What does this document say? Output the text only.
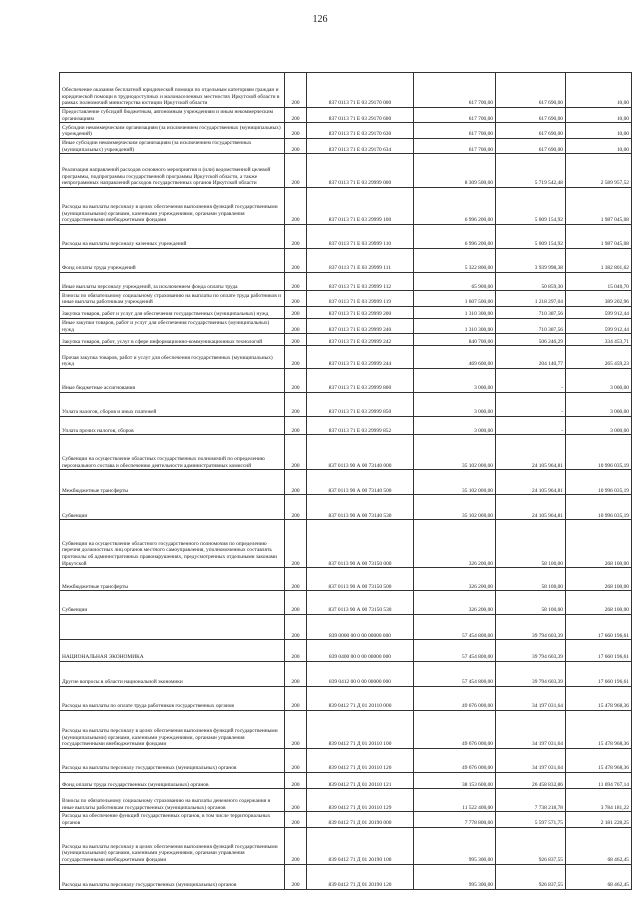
126
Обеспечение оказания бесплатной юридической помощи по отдельным категориям граждан и юридической помощи в труднодоступных и малонаселенных местностях Иркутской области в рамках полномочий министерства юстиции Иркутской области	200	837 0113 71 Е 03 29170 000	617 700,00	617 690,00	10,00
Предоставление субсидий бюджетным, автономным учреждениям и иным некоммерческим организациям	200	837 0113 71 Е 03 29170 600	617 700,00	617 690,00	10,00
Субсидии некоммерческим организациям (за исключением государственных (муниципальных) учреждений)	200	837 0113 71 Е 03 29170 630	617 700,00	617 690,00	10,00
Иные субсидии некоммерческим организациям (за исключением государственных (муниципальных) учреждений)	200	837 0113 71 Е 03 29170 634	617 700,00	617 690,00	10,00
Реализация направлений расходов основного мероприятия и (или) ведомственной целевой программы, подпрограммы государственной программы Иркутской области, а также непрограммных направлений расходов государственных органов Иркутской области	200	837 0113 71 Е 03 29999 000	8 309 500,00	5 719 542,48	2 589 957,52
Расходы на выплаты персоналу в целях обеспечения выполнения функций государственными (муниципальными) органами, казенными учреждениями, органами управления государственными внебюджетными фондами	200	837 0113 71 Е 03 29999 100	6 996 200,00	5 009 154,92	1 987 045,08
Расходы на выплаты персоналу казенных учреждений	200	837 0113 71 Е 03 29999 110	6 996 200,00	5 009 154,92	1 987 045,08
Фонд оплаты труда учреждений	200	837 0113 71 Е 03 29999 111	5 322 800,00	3 939 998,38	1 382 801,62
Иные выплаты персоналу учреждений, за исключением фонда оплаты труда	200	837 0113 71 Е 03 29999 112	65 900,00	50 859,30	15 040,70
Взносы по обязательному социальному страхованию на выплаты по оплате труда работников и иные выплаты работникам учреждений	200	837 0113 71 Е 03 29999 119	1 607 500,00	1 218 297,04	389 202,96
Закупка товаров, работ и услуг для обеспечения государственных (муниципальных) нужд	200	837 0113 71 Е 03 29999 200	1 310 300,00	710 387,56	599 912,44
Иные закупки товаров, работ и услуг для обеспечения государственных (муниципальных) нужд	200	837 0113 71 Е 03 29999 240	1 310 300,00	710 387,56	599 912,44
Закупка товаров, работ, услуг в сфере информационно-коммуникационных технологий	200	837 0113 71 Е 03 29999 242	840 700,00	506 246,29	334 453,71
Прочая закупка товаров, работ и услуг для обеспечения государственных (муниципальных) нужд	200	837 0113 71 Е 03 29999 244	469 600,00	204 140,77	265 459,23
Иные бюджетные ассигнования	200	837 0113 71 Е 03 29999 800	3 000,00	-	3 000,00
Уплата налогов, сборов и иных платежей	200	837 0113 71 Е 03 29999 850	3 000,00	-	3 000,00
Уплата прочих налогов, сборов	200	837 0113 71 Е 03 29999 852	3 000,00	-	3 000,00
Субвенции на осуществление областных государственных полномочий по определению персонального состава и обеспечению деятельности административных комиссий	200	837 0113 90 А 00 73140 000	35 102 000,00	24 105 964,81	10 996 035,19
Межбюджетные трансферты	200	837 0113 90 А 00 73140 500	35 102 000,00	24 105 964,81	10 996 035,19
Субвенции	200	837 0113 90 А 00 73140 530	35 102 000,00	24 105 964,81	10 996 035,19
Субвенции на осуществление областного государственного полномочия по определению перечня должностных лиц органов местного самоуправления, уполномоченных составлять протоколы об административных правонарушениях, предусмотренных отдельными законами Иркутской	200	837 0113 90 А 00 73150 000	326 200,00	58 100,00	268 100,00
Межбюджетные трансферты	200	837 0113 90 А 00 73150 500	326 200,00	58 100,00	268 100,00
Субвенции	200	837 0113 90 А 00 73150 530	326 200,00	58 100,00	268 100,00
	200	839 0000 00 0 00 00000 000	57 454 800,00	39 794 603,39	17 660 196,61
НАЦИОНАЛЬНАЯ ЭКОНОМИКА	200	839 0400 00 0 00 00000 000	57 454 800,00	39 794 603,39	17 660 196,61
Другие вопросы в области национальной экономики	200	839 0412 00 0 00 00000 000	57 454 800,00	39 794 603,39	17 660 196,61
Расходы на выплаты по оплате труда работников государственных органов	200	839 0412 71 Д 01 20110 000	49 676 000,00	34 197 031,64	15 478 968,36
Расходы на выплаты персоналу в целях обеспечения выполнения функций государственными (муниципальными) органами, казенными учреждениями, органами управления государственными внебюджетными фондами	200	839 0412 71 Д 01 20110 100	49 676 000,00	34 197 031,64	15 478 968,36
Расходы на выплаты персоналу государственных (муниципальных) органов	200	839 0412 71 Д 01 20110 120	49 676 000,00	34 197 031,64	15 478 968,36
Фонд оплаты труда государственных (муниципальных) органов	200	839 0412 71 Д 01 20110 121	38 153 600,00	26 458 832,86	11 694 767,14
Взносы по обязательному социальному страхованию на выплаты денежного содержания и иные выплаты работникам государственных (муниципальных) органов	200	839 0412 71 Д 01 20110 129	11 522 400,00	7 738 218,78	3 784 181,22
Расходы на обеспечение функций государственных органов, в том числе территориальных органов	200	839 0412 71 Д 01 20190 000	7 778 800,00	5 597 571,75	2 181 228,25
Расходы на выплаты персоналу в целях обеспечения выполнения функций государственными (муниципальными) органами, казенными учреждениями, органами управления государственными внебюджетными фондами	200	839 0412 71 Д 01 20190 100	995 300,00	926 837,55	68 462,45
Расходы на выплаты персоналу государственных (муниципальных) органов	200	839 0412 71 Д 01 20190 120	995 300,00	926 837,55	68 462,45
